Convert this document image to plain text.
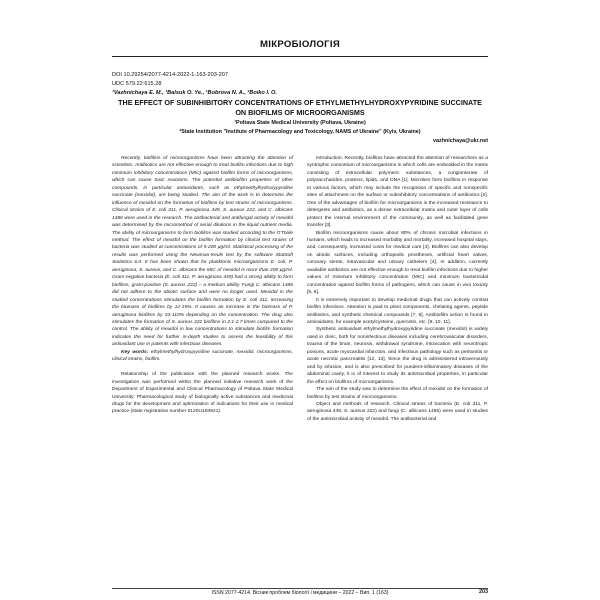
МІКРОБІОЛОГІЯ
DOI 10.29254/2077-4214-2022-1-163-203-207
UDC 579.22:615.28
¹Vazhnichaya E. M., ¹Balsuk O. Ye., ¹Bobrova N. A., ²Boiko I. O.
THE EFFECT OF SUBINHIBITORY CONCENTRATIONS OF ETHYLMETHYLHYDROXYPYRIDINE SUCCINATE ON BIOFILMS OF MICROORGANISMS
¹Poltava State Medical University (Poltava, Ukraine)
²State Institution "Institute of Pharmacology and Toxicology, NAMS of Ukraine" (Kyiv, Ukraine)
vazhnichaya@ukr.net

Recently, biofilms of microorganisms have been attracting the attention of scientists. Antibiotics are not effective enough to treat biofilm infections due to high minimum inhibitory concentrations (MIC) against biofilm forms of microorganisms, which can cause toxic reactions. The potential antibiofilm properties of other compounds, in particular antioxidants, such as ethylmethylhydroxypyridine succinate (mexidol), are being studied. The aim of the work is to determine the influence of mexidol on the formation of biofilms by test strains of microorganisms. Clinical strains of E. coli 311, P. aeruginosa 449, S. aureus 222, and C. albicans 1486 were used in the research. The antibacterial and antifungal activity of mexidol was determined by the micromethod of serial dilutions in the liquid nutrient media. The ability of microorganisms to form biofilms was studied according to the O'Toole method. The effect of mexidol on the biofilm formation by clinical test strains of bacteria was studied at concentrations of 5-200 μg/ml. Statistical processing of the results was performed using the Newman-Keuls test by the software StatSoft Statistica 6.0. It has been shown that for planktonic microorganisms E. coli, P. aeruginosa, S. aureus, and C. albicans the MIC of mexidol is more than 200 μg/ml. Gram-negative bacteria (E. coli 311, P. aeruginosa 449) had a strong ability to form biofilms, gram-positive (S. aureus 222) – a medium ability. Fungi C. albicans 1486 did not adhere to the abiotic surface and were no longer used. Mexidol in the studied concentrations stimulates the biofilm formation by E. coli 311, increasing the biomass of biofilms by 12-15%. It causes an increase in the biomass of P. aeruginosa biofilms by 33-110% depending on the concentration. The drug also stimulates the formation of S. aureus 222 biofilms in 2.1-2.7 times compared to the control. The ability of mexidol in low concentrations to stimulate biofilm formation indicates the need for further in-depth studies to assess the feasibility of this antioxidant use in patients with infectious diseases.

Key words: ethylmethylhydroxypyridine succinate, mexidol, microorganisms, clinical strains, biofilm.

Relationship of the publication with the planned research works. The investigation was performed within the planned initiative research work of the Department of Experimental and Clinical Pharmacology of Poltava State Medical University: Pharmacological study of biologically active substances and medicinal drugs for the development and optimization of indications for their use in medical practice (state registration number 0120U103921).

Introduction. Recently, biofilms have attracted the attention of researchers as a syntrophic consortium of microorganisms in which cells are embedded in the matrix consisting of extracellular polymeric substances, a conglomerate of polysaccharides, proteins, lipids, and DNA [1]. Microbes form biofilms in response to various factors, which may include the recognition of specific and nonspecific sites of attachment on the surface or subinhibitory concentrations of antibiotics [2]. One of the advantages of biofilm for microorganisms is the increased resistance to detergents and antibiotics, as a dense extracellular matrix and outer layer of cells protect the internal environment of the community, as well as facilitated gene transfer [3].

Biofilm microorganisms cause about 80% of chronic microbial infections in humans, which leads to increased morbidity and mortality, increased hospital stays, and, consequently, increased costs for medical care [4]. Biofilms can also develop on abiotic surfaces, including orthopedic prostheses, artificial heart valves, coronary stents, intravascular and urinary catheters [4]. In addition, currently available antibiotics are not effective enough to treat biofilm infections due to higher values of minimum inhibitory concentration (MIC) and minimum bactericidal concentration against biofilm forms of pathogens, which can cause in vivo toxicity [5, 6].

It is extremely important to develop medicinal drugs that can actively combat biofilm infections. Attention is paid to plant components, chelating agents, peptide antibiotics, and synthetic chemical compounds [7, 8]. Antibiofilm action is found in antioxidants, for example acetylcysteine, quercetin, etc. [9, 10, 11].

Synthetic antioxidant ethylmethylhydroxypyridine succinate (mexidol) is widely used in clinic, both for noninfectious diseases including cerebrovascular disorders, trauma of the brain, neurosis, withdrawal syndrome, intoxication with neurotropic poisons, acute myocardial infarction, and infectious pathology such as peritonitis or acute necrotic pancreatitis [12, 13]. Since the drug is administered intravenously and by infusion, and is also prescribed for purulent-inflammatory diseases of the abdominal cavity, it is of interest to study its antimicrobial properties, in particular the effect on biofilms of microorganisms.

The aim of the study was to determine the effect of mexidol on the formation of biofilms by test strains of microorganisms.

Object and methods of research. Clinical strains of bacteria (E. coli 311, P. aeruginosa 449, S. aureus 222) and fungi (C. albicans 1486) were used in studies of the antimicrobial activity of mexidol. The antibacterial and

ISSN 2077-4214. Вісник проблем біології і медицини – 2022 – Вип. 1 (163)	203
